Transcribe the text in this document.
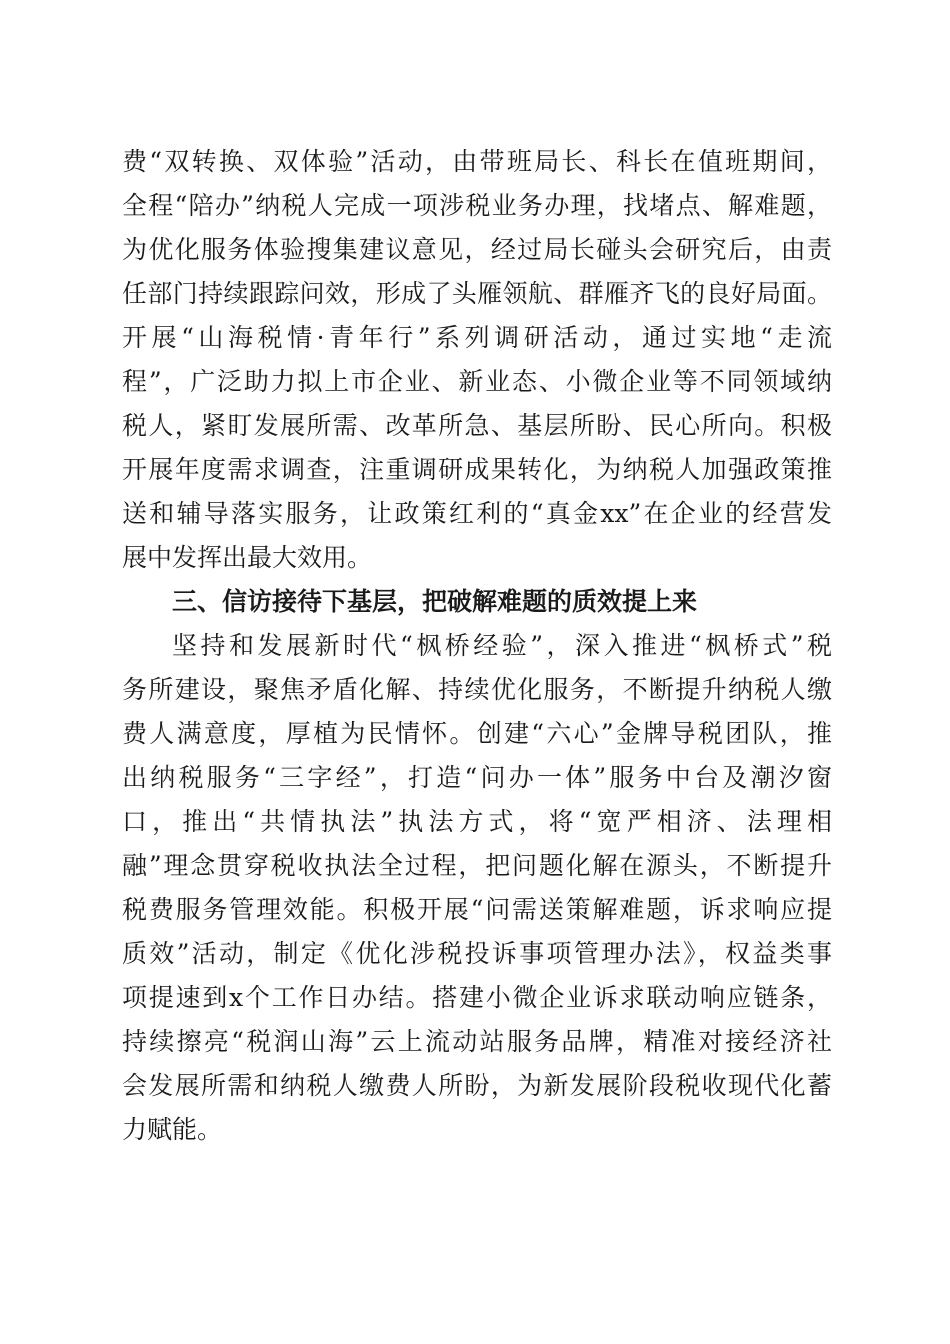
费“双转换、双体验”活动，由带班局长、科长在值班期间，
全程“陪办”纳税人完成一项涉税业务办理，找堵点、解难题，
为优化服务体验搜集建议意见，经过局长碰头会研究后，由责
任部门持续跟踪问效，形成了头雁领航、群雁齐飞的良好局面。
开展“山海税情·青年行”系列调研活动，通过实地“走流
程”，广泛助力拟上市企业、新业态、小微企业等不同领域纳
税人，紧盯发展所需、改革所急、基层所盼、民心所向。积极
开展年度需求调查，注重调研成果转化，为纳税人加强政策推
送和辅导落实服务，让政策红利的“真金xx”在企业的经营发
展中发挥出最大效用。
三、信访接待下基层，把破解难题的质效提上来
坚持和发展新时代“枫桥经验”，深入推进“枫桥式”税
务所建设，聚焦矛盾化解、持续优化服务，不断提升纳税人缴
费人满意度，厚植为民情怀。创建“六心”金牌导税团队，推
出纳税服务“三字经”，打造“问办一体”服务中台及潮汐窗
口，推出“共情执法”执法方式，将“宽严相济、法理相
融”理念贯穿税收执法全过程，把问题化解在源头，不断提升
税费服务管理效能。积极开展“问需送策解难题，诉求响应提
质效”活动，制定《优化涉税投诉事项管理办法》，权益类事
项提速到x个工作日办结。搭建小微企业诉求联动响应链条，
持续擦亮“税润山海”云上流动站服务品牌，精准对接经济社
会发展所需和纳税人缴费人所盼，为新发展阶段税收现代化蓄
力赋能。
